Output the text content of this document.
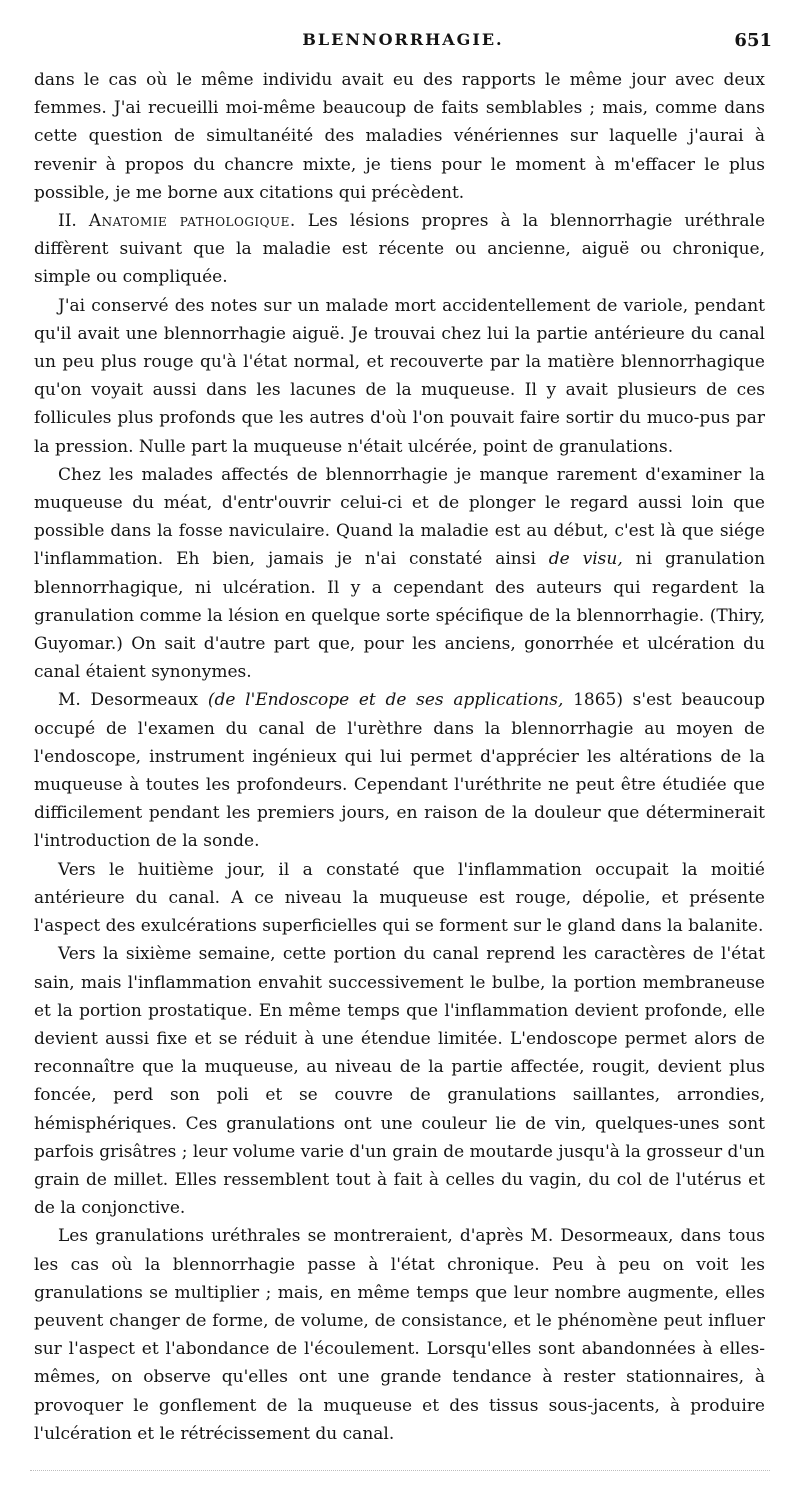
BLENNORRHAGIE.	651

dans le cas où le même individu avait eu des rapports le même jour avec deux femmes. J'ai recueilli moi-même beaucoup de faits semblables ; mais, comme dans cette question de simultanéité des maladies vénériennes sur laquelle j'aurai à revenir à propos du chancre mixte, je tiens pour le moment à m'effacer le plus possible, je me borne aux citations qui précèdent.

II. Anatomie pathologique. Les lésions propres à la blennorrhagie uréthrale diffèrent suivant que la maladie est récente ou ancienne, aiguë ou chronique, simple ou compliquée.

J'ai conservé des notes sur un malade mort accidentellement de variole, pendant qu'il avait une blennorrhagie aiguë. Je trouvai chez lui la partie antérieure du canal un peu plus rouge qu'à l'état normal, et recouverte par la matière blennorrhagique qu'on voyait aussi dans les lacunes de la muqueuse. Il y avait plusieurs de ces follicules plus profonds que les autres d'où l'on pouvait faire sortir du muco-pus par la pression. Nulle part la muqueuse n'était ulcérée, point de granulations.

Chez les malades affectés de blennorrhagie je manque rarement d'examiner la muqueuse du méat, d'entr'ouvrir celui-ci et de plonger le regard aussi loin que possible dans la fosse naviculaire. Quand la maladie est au début, c'est là que siége l'inflammation. Eh bien, jamais je n'ai constaté ainsi de visu, ni granulation blennorrhagique, ni ulcération. Il y a cependant des auteurs qui regardent la granulation comme la lésion en quelque sorte spécifique de la blennorrhagie. (Thiry, Guyomar.) On sait d'autre part que, pour les anciens, gonorrhée et ulcération du canal étaient synonymes.

M. Desormeaux (de l'Endoscope et de ses applications, 1865) s'est beaucoup occupé de l'examen du canal de l'urèthre dans la blennorrhagie au moyen de l'endoscope, instrument ingénieux qui lui permet d'apprécier les altérations de la muqueuse à toutes les profondeurs. Cependant l'uréthrite ne peut être étudiée que difficilement pendant les premiers jours, en raison de la douleur que déterminerait l'introduction de la sonde.

Vers le huitième jour, il a constaté que l'inflammation occupait la moitié antérieure du canal. A ce niveau la muqueuse est rouge, dépolie, et présente l'aspect des exulcérations superficielles qui se forment sur le gland dans la balanite.

Vers la sixième semaine, cette portion du canal reprend les caractères de l'état sain, mais l'inflammation envahit successivement le bulbe, la portion membraneuse et la portion prostatique. En même temps que l'inflammation devient profonde, elle devient aussi fixe et se réduit à une étendue limitée. L'endoscope permet alors de reconnaître que la muqueuse, au niveau de la partie affectée, rougit, devient plus foncée, perd son poli et se couvre de granulations saillantes, arrondies, hémisphériques. Ces granulations ont une couleur lie de vin, quelques-unes sont parfois grisâtres ; leur volume varie d'un grain de moutarde jusqu'à la grosseur d'un grain de millet. Elles ressemblent tout à fait à celles du vagin, du col de l'utérus et de la conjonctive.

Les granulations uréthrales se montreraient, d'après M. Desormeaux, dans tous les cas où la blennorrhagie passe à l'état chronique. Peu à peu on voit les granulations se multiplier ; mais, en même temps que leur nombre augmente, elles peuvent changer de forme, de volume, de consistance, et le phénomène peut influer sur l'aspect et l'abondance de l'écoulement. Lorsqu'elles sont abandonnées à elles-mêmes, on observe qu'elles ont une grande tendance à rester stationnaires, à provoquer le gonflement de la muqueuse et des tissus sous-jacents, à produire l'ulcération et le rétrécissement du canal.
